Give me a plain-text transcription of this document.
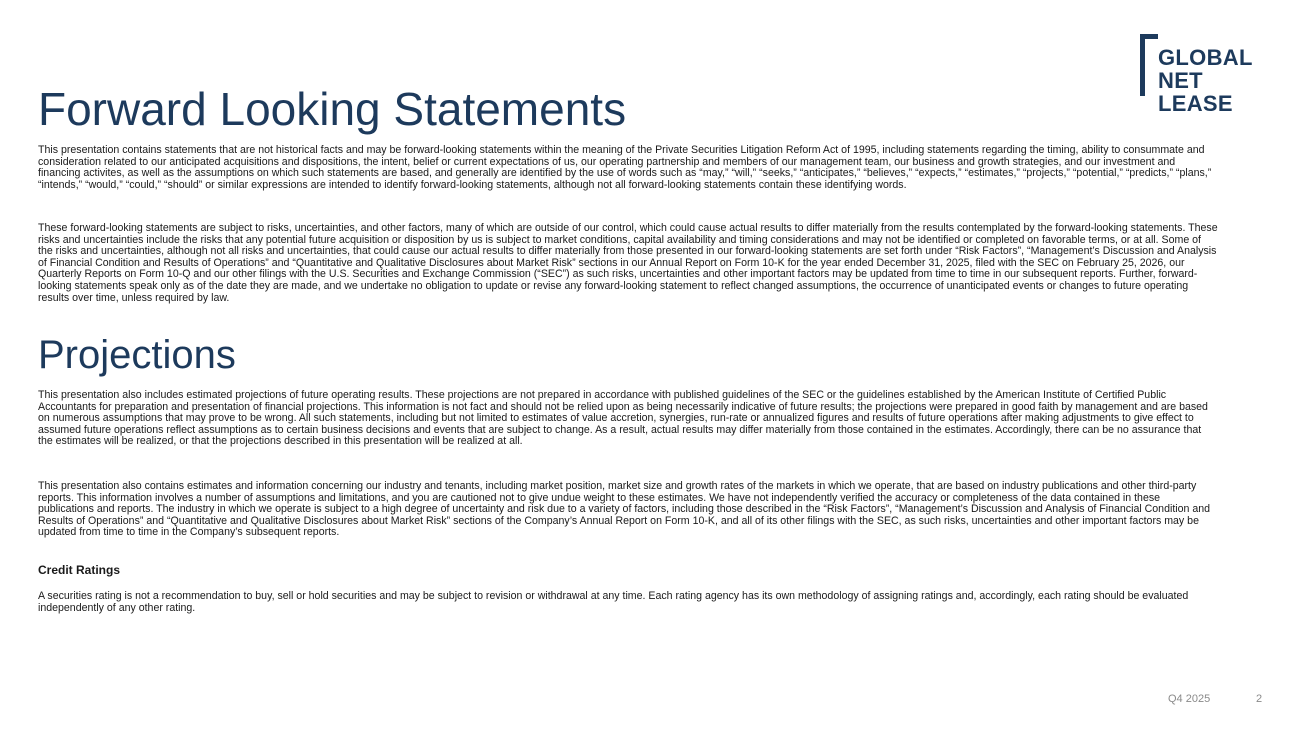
GLOBAL
NET
LEASE

Forward Looking Statements

This presentation contains statements that are not historical facts and may be forward-looking statements within the meaning of the Private Securities Litigation Reform Act of 1995, including statements regarding the timing, ability to consummate and consideration related to our anticipated acquisitions and dispositions, the intent, belief or current expectations of us, our operating partnership and members of our management team, our business and growth strategies, and our investment and financing activites, as well as the assumptions on which such statements are based, and generally are identified by the use of words such as “may,” “will,” “seeks,” “anticipates,” “believes,” “expects,” “estimates,” “projects,” “potential,” “predicts,” “plans,” “intends,” “would,” “could,” “should” or similar expressions are intended to identify forward-looking statements, although not all forward-looking statements contain these identifying words.

These forward-looking statements are subject to risks, uncertainties, and other factors, many of which are outside of our control, which could cause actual results to differ materially from the results contemplated by the forward-looking statements. These risks and uncertainties include the risks that any potential future acquisition or disposition by us is subject to market conditions, capital availability and timing considerations and may not be identified or completed on favorable terms, or at all. Some of the risks and uncertainties, although not all risks and uncertainties, that could cause our actual results to differ materially from those presented in our forward-looking statements are set forth under “Risk Factors”, “Management’s Discussion and Analysis of Financial Condition and Results of Operations” and “Quantitative and Qualitative Disclosures about Market Risk” sections in our Annual Report on Form 10-K for the year ended December 31, 2025, filed with the SEC on February 25, 2026, our Quarterly Reports on Form 10-Q and our other filings with the U.S. Securities and Exchange Commission (“SEC”) as such risks, uncertainties and other important factors may be updated from time to time in our subsequent reports. Further, forward-looking statements speak only as of the date they are made, and we undertake no obligation to update or revise any forward-looking statement to reflect changed assumptions, the occurrence of unanticipated events or changes to future operating results over time, unless required by law.

Projections

This presentation also includes estimated projections of future operating results. These projections are not prepared in accordance with published guidelines of the SEC or the guidelines established by the American Institute of Certified Public Accountants for preparation and presentation of financial projections. This information is not fact and should not be relied upon as being necessarily indicative of future results; the projections were prepared in good faith by management and are based on numerous assumptions that may prove to be wrong. All such statements, including but not limited to estimates of value accretion, synergies, run-rate or annualized figures and results of future operations after making adjustments to give effect to assumed future operations reflect assumptions as to certain business decisions and events that are subject to change. As a result, actual results may differ materially from those contained in the estimates. Accordingly, there can be no assurance that the estimates will be realized, or that the projections described in this presentation will be realized at all.

This presentation also contains estimates and information concerning our industry and tenants, including market position, market size and growth rates of the markets in which we operate, that are based on industry publications and other third-party reports. This information involves a number of assumptions and limitations, and you are cautioned not to give undue weight to these estimates. We have not independently verified the accuracy or completeness of the data contained in these publications and reports. The industry in which we operate is subject to a high degree of uncertainty and risk due to a variety of factors, including those described in the “Risk Factors”, “Management’s Discussion and Analysis of Financial Condition and Results of Operations” and “Quantitative and Qualitative Disclosures about Market Risk” sections of the Company’s Annual Report on Form 10-K, and all of its other filings with the SEC, as such risks, uncertainties and other important factors may be updated from time to time in the Company’s subsequent reports.

Credit Ratings

A securities rating is not a recommendation to buy, sell or hold securities and may be subject to revision or withdrawal at any time. Each rating agency has its own methodology of assigning ratings and, accordingly, each rating should be evaluated independently of any other rating.

Q4 2025	2
